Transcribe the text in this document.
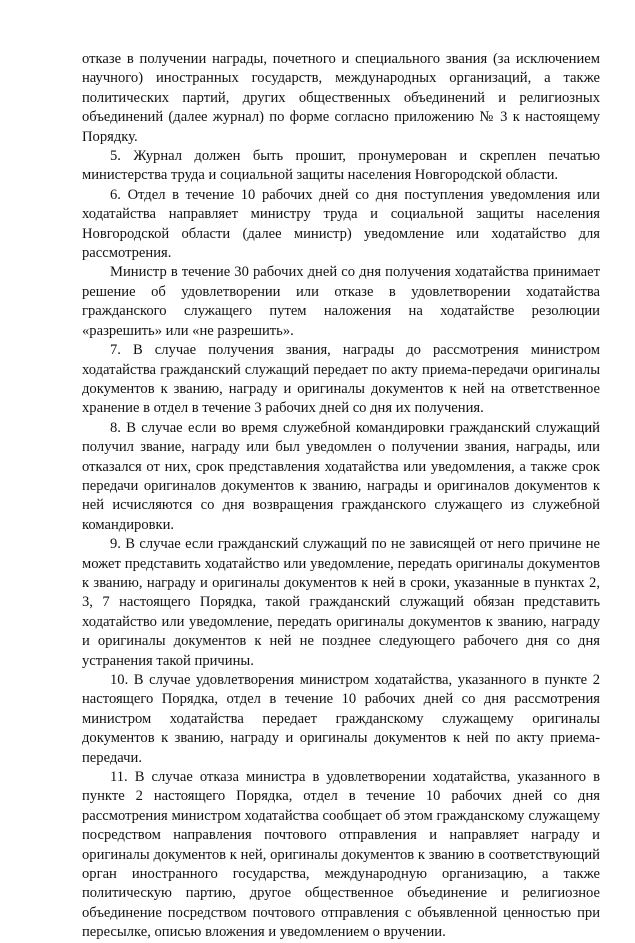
отказе в получении награды, почетного и специального звания (за исключением научного) иностранных государств, международных организаций, а также политических партий, других общественных объединений и религиозных объединений (далее журнал) по форме согласно приложению № 3 к настоящему Порядку.

5. Журнал должен быть прошит, пронумерован и скреплен печатью министерства труда и социальной защиты населения Новгородской области.

6. Отдел в течение 10 рабочих дней со дня поступления уведомления или ходатайства направляет министру труда и социальной защиты населения Новгородской области (далее министр) уведомление или ходатайство для рассмотрения.

Министр в течение 30 рабочих дней со дня получения ходатайства принимает решение об удовлетворении или отказе в удовлетворении ходатайства гражданского служащего путем наложения на ходатайстве резолюции «разрешить» или «не разрешить».

7. В случае получения звания, награды до рассмотрения министром ходатайства гражданский служащий передает по акту приема-передачи оригиналы документов к званию, награду и оригиналы документов к ней на ответственное хранение в отдел в течение 3 рабочих дней со дня их получения.

8. В случае если во время служебной командировки гражданский служащий получил звание, награду или был уведомлен о получении звания, награды, или отказался от них, срок представления ходатайства или уведомления, а также срок передачи оригиналов документов к званию, награды и оригиналов документов к ней исчисляются со дня возвращения гражданского служащего из служебной командировки.

9. В случае если гражданский служащий по не зависящей от него причине не может представить ходатайство или уведомление, передать оригиналы документов к званию, награду и оригиналы документов к ней в сроки, указанные в пунктах 2, 3, 7 настоящего Порядка, такой гражданский служащий обязан представить ходатайство или уведомление, передать оригиналы документов к званию, награду и оригиналы документов к ней не позднее следующего рабочего дня со дня устранения такой причины.

10. В случае удовлетворения министром ходатайства, указанного в пункте 2 настоящего Порядка, отдел в течение 10 рабочих дней со дня рассмотрения министром ходатайства передает гражданскому служащему оригиналы документов к званию, награду и оригиналы документов к ней по акту приема-передачи.

11. В случае отказа министра в удовлетворении ходатайства, указанного в пункте 2 настоящего Порядка, отдел в течение 10 рабочих дней со дня рассмотрения министром ходатайства сообщает об этом гражданскому служащему посредством направления почтового отправления и направляет награду и оригиналы документов к ней, оригиналы документов к званию в соответствующий орган иностранного государства, международную организацию, а также политическую партию, другое общественное объединение и религиозное объединение посредством почтового отправления с объявленной ценностью при пересылке, описью вложения и уведомлением о вручении.
